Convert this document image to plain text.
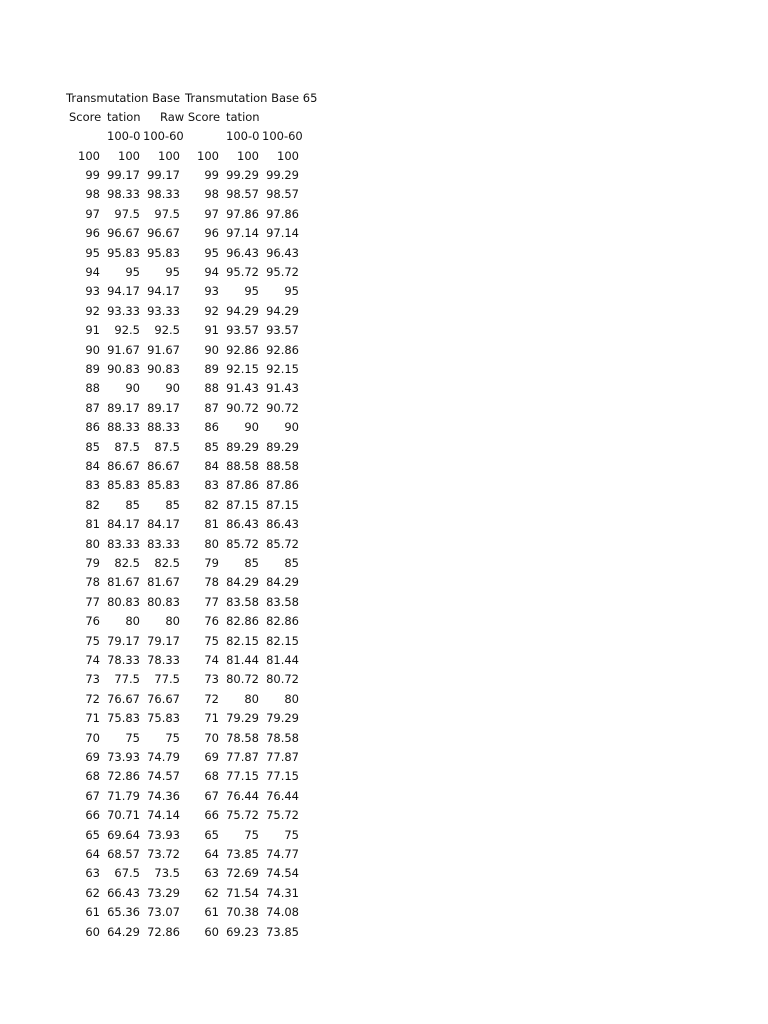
Transmutation Base Transmutation Base 65
Score tation Raw Score tation
100-0 100-60	100-0 100-60
100	100	100	100	100	100
99 99.17 99.17	99 99.29 99.29
98 98.33 98.33	98 98.57 98.57
97	97.5	97.5	97 97.86 97.86
96 96.67 96.67	96 97.14 97.14
95 95.83 95.83	95 96.43 96.43
94	95	95	94 95.72 95.72
93 94.17 94.17	93	95	95
92 93.33 93.33	92 94.29 94.29
91	92.5	92.5	91 93.57 93.57
90 91.67 91.67	90 92.86 92.86
89 90.83 90.83	89 92.15 92.15
88	90	90	88 91.43 91.43
87 89.17 89.17	87 90.72 90.72
86 88.33 88.33	86	90	90
85	87.5	87.5	85 89.29 89.29
84 86.67 86.67	84 88.58 88.58
83 85.83 85.83	83 87.86 87.86
82	85	85	82 87.15 87.15
81 84.17 84.17	81 86.43 86.43
80 83.33 83.33	80 85.72 85.72
79	82.5	82.5	79	85	85
78 81.67 81.67	78 84.29 84.29
77 80.83 80.83	77 83.58 83.58
76	80	80	76 82.86 82.86
75 79.17 79.17	75 82.15 82.15
74 78.33 78.33	74 81.44 81.44
73	77.5	77.5	73 80.72 80.72
72 76.67 76.67	72	80	80
71 75.83 75.83	71 79.29 79.29
70	75	75	70 78.58 78.58
69 73.93 74.79	69 77.87 77.87
68 72.86 74.57	68 77.15 77.15
67 71.79 74.36	67 76.44 76.44
66 70.71 74.14	66 75.72 75.72
65 69.64 73.93	65	75	75
64 68.57 73.72	64 73.85 74.77
63	67.5	73.5	63 72.69 74.54
62 66.43 73.29	62 71.54 74.31
61 65.36 73.07	61 70.38 74.08
60 64.29 72.86	60 69.23 73.85
